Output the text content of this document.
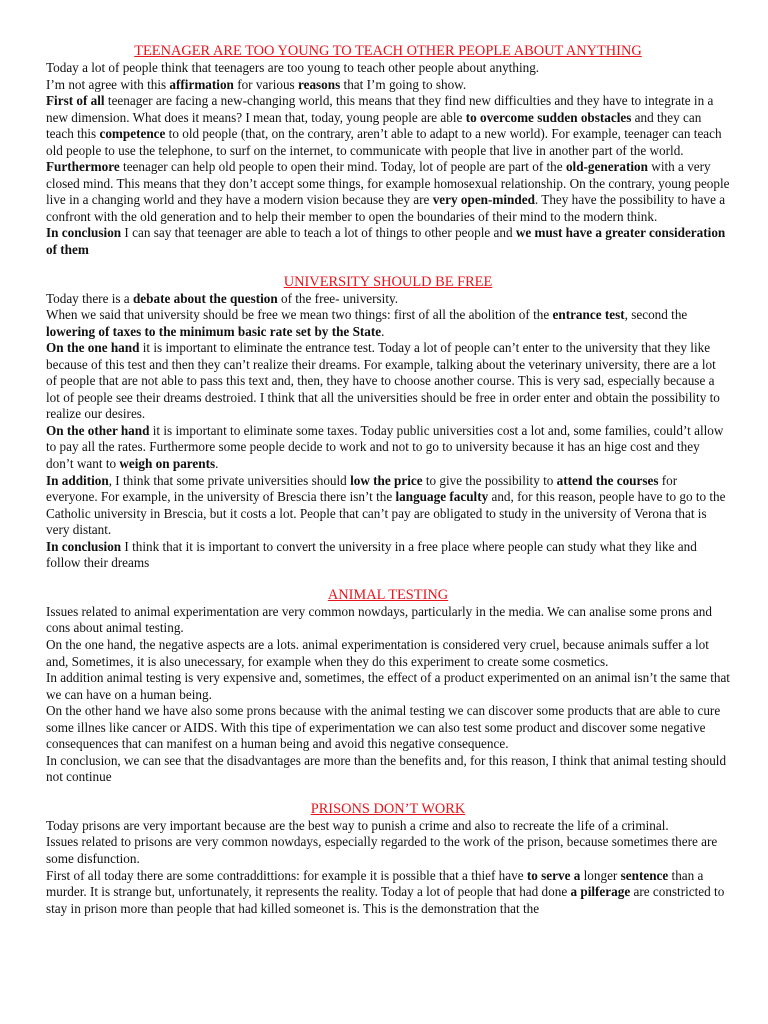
TEENAGER ARE TOO YOUNG TO TEACH OTHER PEOPLE ABOUT ANYTHING

Today a lot of people think that teenagers are too young to teach other people about anything.

I’m not agree with this affirmation for various reasons that I’m going to show.

First of all teenager are facing a new-changing world, this means that they find new difficulties and they have to integrate in a new dimension. What does it means? I mean that, today, young people are able to overcome sudden obstacles and they can teach this competence to old people (that, on the contrary, aren’t able to adapt to a new world). For example, teenager can teach old people to use the telephone, to surf on the internet, to communicate with people that live in another part of the world.

Furthermore teenager can help old people to open their mind. Today, lot of people are part of the old-generation with a very closed mind. This means that they don’t accept some things, for example homosexual relationship. On the contrary, young people live in a changing world and they have a modern vision because they are very open-minded. They have the possibility to have a confront with the old generation and to help their member to open the boundaries of their mind to the modern think.

In conclusion I can say that teenager are able to teach a lot of things to other people and we must have a greater consideration of them

UNIVERSITY SHOULD BE FREE

Today there is a debate about the question of the free- university.

When we said that university should be free we mean two things: first of all the abolition of the entrance test, second the lowering of taxes to the minimum basic rate set by the State.

On the one hand it is important to eliminate the entrance test. Today a lot of people can’t enter to the university that they like because of this test and then they can’t realize their dreams. For example, talking about the veterinary university, there are a lot of people that are not able to pass this text and, then, they have to choose another course. This is very sad, especially because a lot of people see their dreams destroied. I think that all the universities should be free in order enter and obtain the possibility to realize our desires.

On the other hand it is important to eliminate some taxes. Today public universities cost a lot and, some families, could’t allow to pay all the rates. Furthermore some people decide to work and not to go to university because it has an hige cost and they don’t want to weigh on parents.

In addition, I think that some private universities should low the price to give the possibility to attend the courses for everyone. For example, in the university of Brescia there isn’t the language faculty and, for this reason, people have to go to the Catholic university in Brescia, but it costs a lot. People that can’t pay are obligated to study in the university of Verona that is very distant.

In conclusion I think that it is important to convert the university in a free place where people can study what they like and follow their dreams

ANIMAL TESTING

Issues related to animal experimentation are very common nowdays, particularly in the media. We can analise some prons and cons about animal testing.

On the one hand, the negative aspects are a lots. animal experimentation is considered very cruel, because animals suffer a lot and, Sometimes, it is also unecessary, for example when they do this experiment to create some cosmetics.

In addition animal testing is very expensive and, sometimes, the effect of a product experimented on an animal isn’t the same that we can have on a human being.

On the other hand we have also some prons because with the animal testing we can discover some products that are able to cure some illnes like cancer or AIDS. With this tipe of experimentation we can also test some product and discover some negative consequences that can manifest on a human being and avoid this negative consequence.

In conclusion, we can see that the disadvantages are more than the benefits and, for this reason, I think that animal testing should not continue

PRISONS DON’T WORK

Today prisons are very important because are the best way to punish a crime and also to recreate the life of a criminal.

Issues related to prisons are very common nowdays, especially regarded to the work of the prison, because sometimes there are some disfunction.

First of all today there are some contraddittions: for example it is possible that a thief have to serve a longer sentence than a murder. It is strange but, unfortunately, it represents the reality. Today a lot of people that had done a pilferage are constricted to stay in prison more than people that had killed someonet is. This is the demonstration that the
